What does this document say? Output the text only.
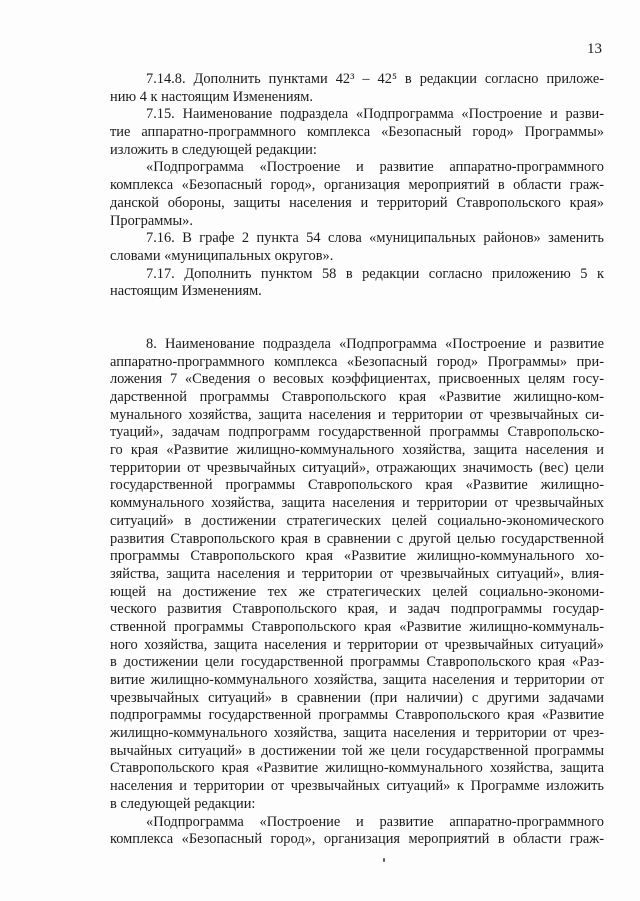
13

7.14.8. Дополнить пунктами 42³ – 42⁵ в редакции согласно приложе-
нию 4 к настоящим Изменениям.

7.15. Наименование подраздела «Подпрограмма «Построение и разви-
тие аппаратно-программного комплекса «Безопасный город» Программы»
изложить в следующей редакции:

«Подпрограмма «Построение и развитие аппаратно-программного
комплекса «Безопасный город», организация мероприятий в области граж-
данской обороны, защиты населения и территорий Ставропольского края»
Программы».

7.16. В графе 2 пункта 54 слова «муниципальных районов» заменить
словами «муниципальных округов».

7.17. Дополнить пунктом 58 в редакции согласно приложению 5 к
настоящим Изменениям.

8. Наименование подраздела «Подпрограмма «Построение и развитие
аппаратно-программного комплекса «Безопасный город» Программы» при-
ложения 7 «Сведения о весовых коэффициентах, присвоенных целям госу-
дарственной программы Ставропольского края «Развитие жилищно-ком-
мунального хозяйства, защита населения и территории от чрезвычайных си-
туаций», задачам подпрограмм государственной программы Ставропольско-
го края «Развитие жилищно-коммунального хозяйства, защита населения и
территории от чрезвычайных ситуаций», отражающих значимость (вес) цели
государственной программы Ставропольского края «Развитие жилищно-
коммунального хозяйства, защита населения и территории от чрезвычайных
ситуаций» в достижении стратегических целей социально-экономического
развития Ставропольского края в сравнении с другой целью государственной
программы Ставропольского края «Развитие жилищно-коммунального хо-
зяйства, защита населения и территории от чрезвычайных ситуаций», влия-
ющей на достижение тех же стратегических целей социально-экономи-
ческого развития Ставропольского края, и задач подпрограммы государ-
ственной программы Ставропольского края «Развитие жилищно-коммуналь-
ного хозяйства, защита населения и территории от чрезвычайных ситуаций»
в достижении цели государственной программы Ставропольского края «Раз-
витие жилищно-коммунального хозяйства, защита населения и территории от
чрезвычайных ситуаций» в сравнении (при наличии) с другими задачами
подпрограммы государственной программы Ставропольского края «Развитие
жилищно-коммунального хозяйства, защита населения и территории от чрез-
вычайных ситуаций» в достижении той же цели государственной программы
Ставропольского края «Развитие жилищно-коммунального хозяйства, защита
населения и территории от чрезвычайных ситуаций» к Программе изложить
в следующей редакции:

«Подпрограмма «Построение и развитие аппаратно-программного
комплекса «Безопасный город», организация мероприятий в области граж-
